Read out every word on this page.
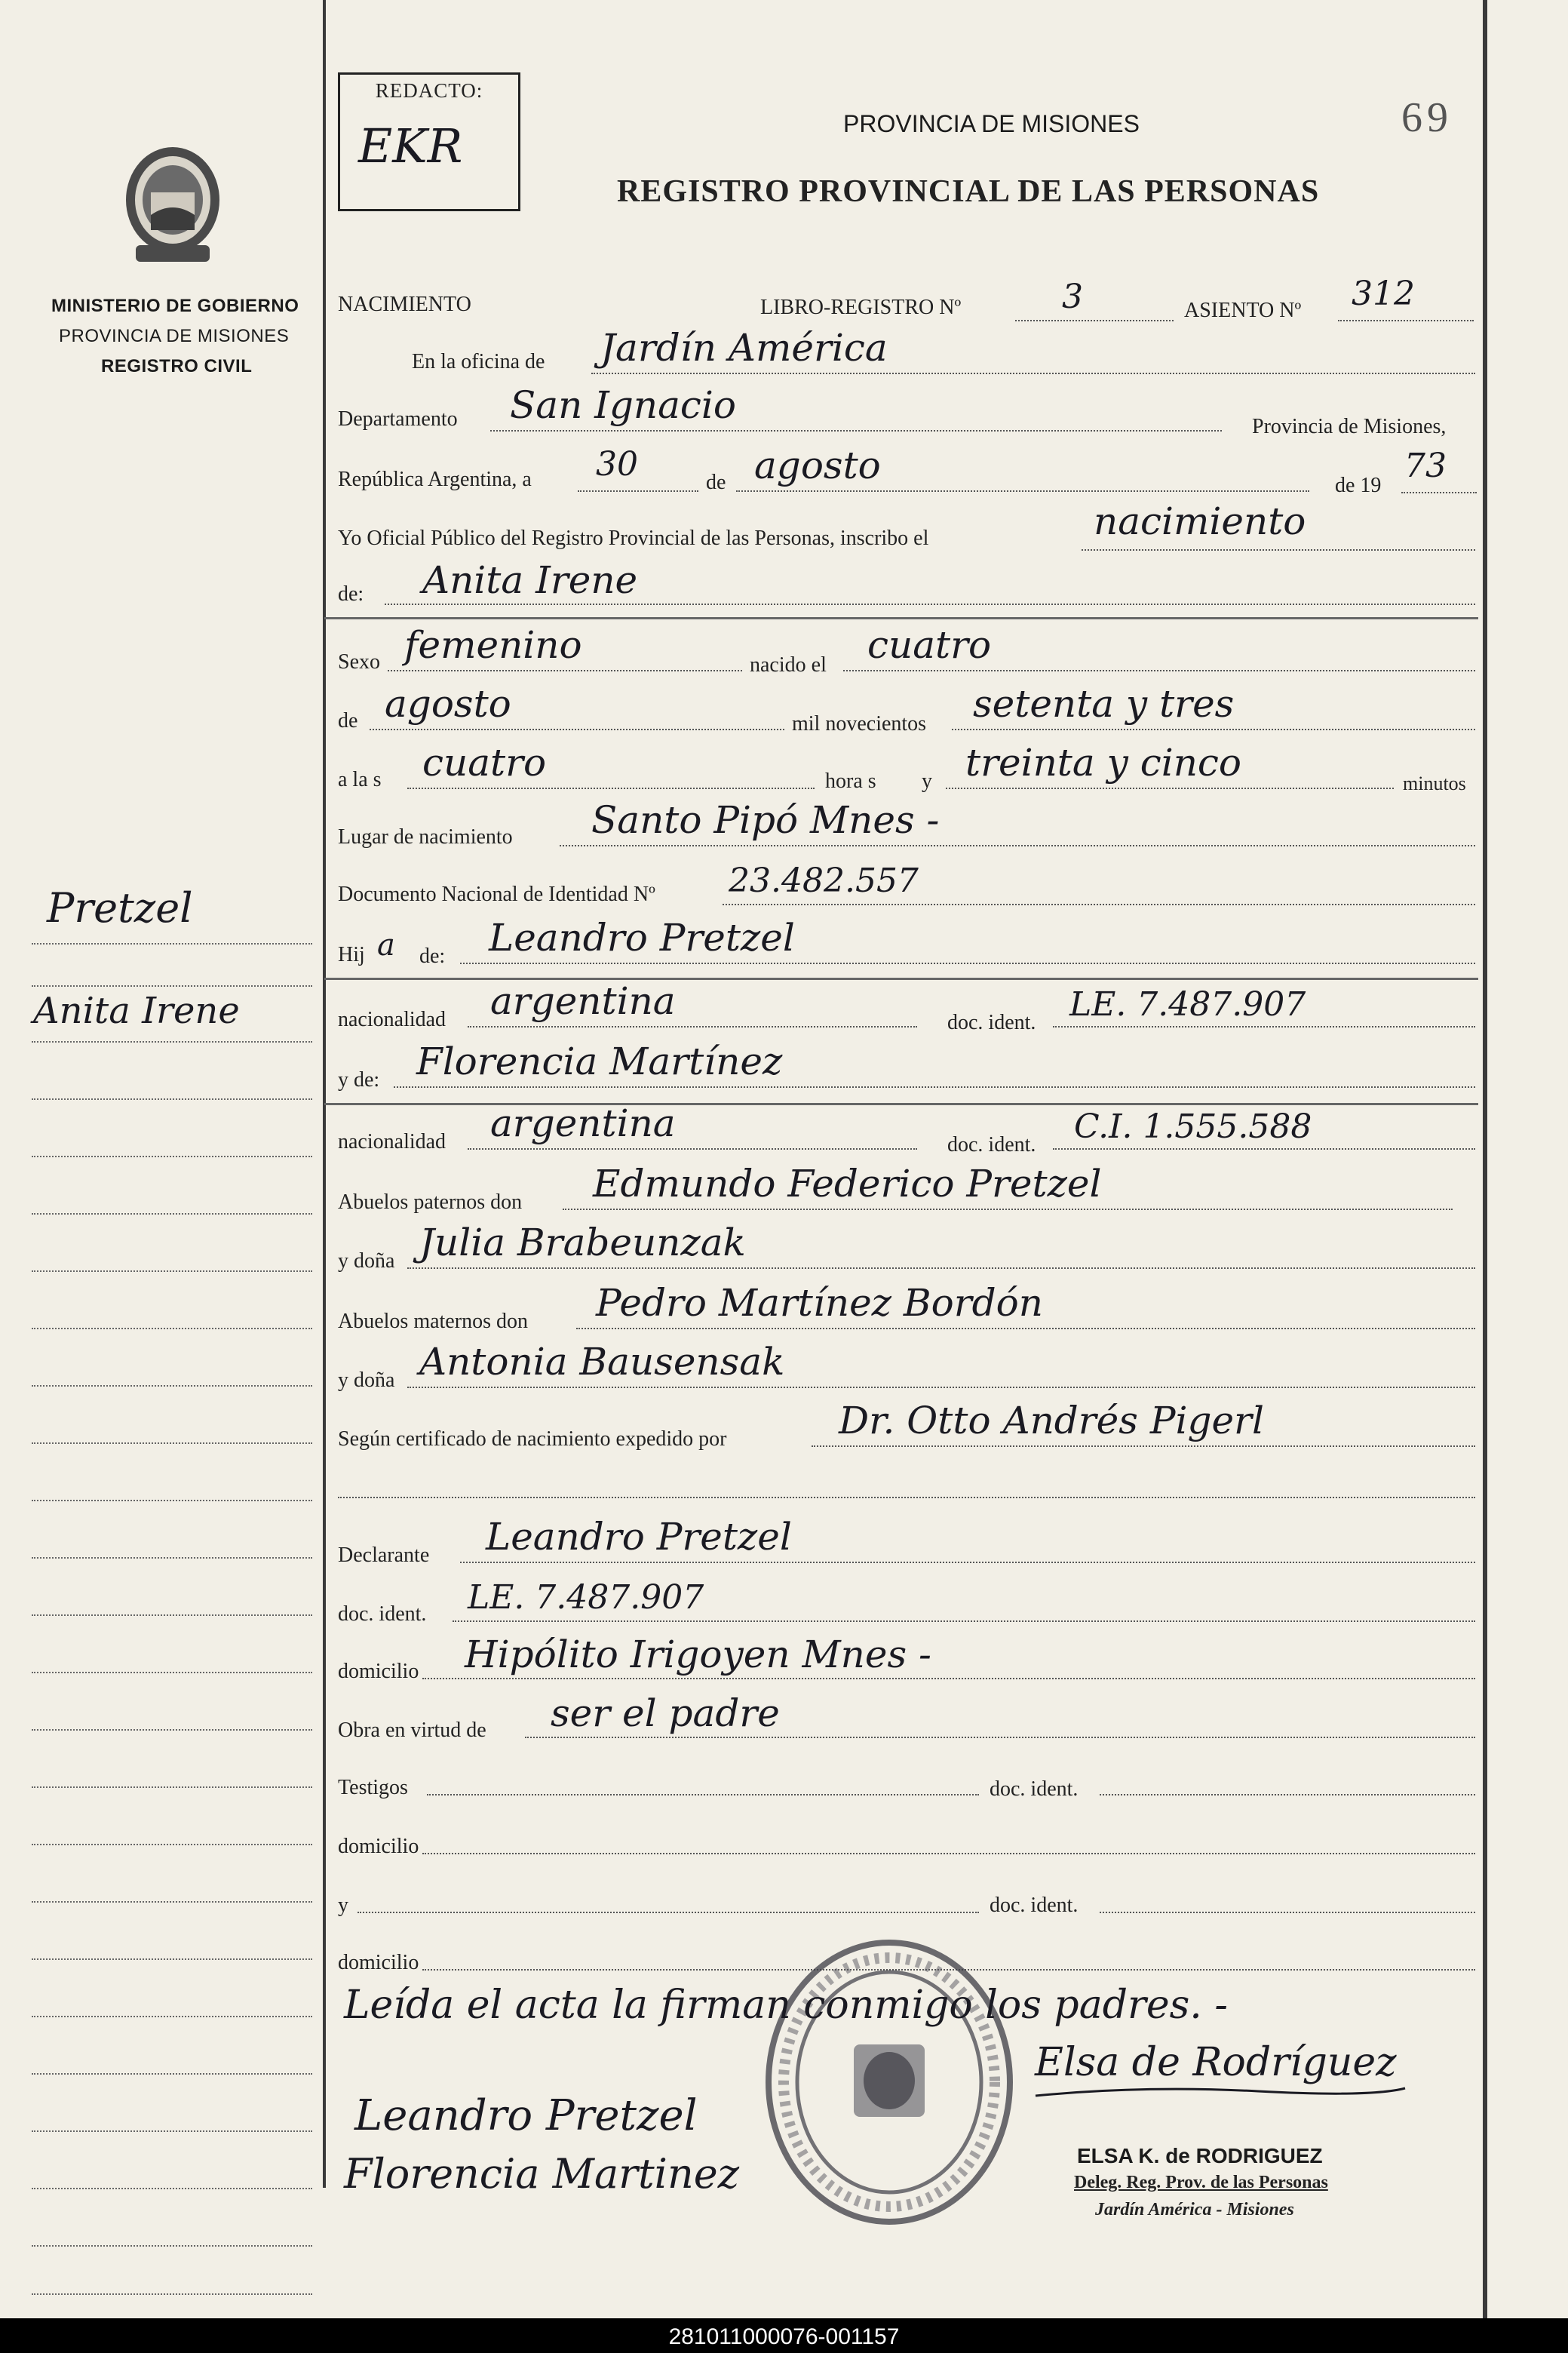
MINISTERIO DE GOBIERNO
PROVINCIA DE MISIONES
REGISTRO CIVIL
Pretzel
Anita Irene
REDACTO:
EKR	PROVINCIA DE MISIONES
REGISTRO PROVINCIAL DE LAS PERSONAS
69
NACIMIENTO	LIBRO-REGISTRO Nº	3	ASIENTO Nº 312
En la oficina de Jardín América
Departamento San Ignacio	Provincia de Misiones,
República Argentina, a 30	de agosto	de 19
73
Yo Oficial Público del Registro Provincial de las Personas, inscribo el	nacimiento
de: Anita Irene
Sexo femenino	nacido el cuatro
de agosto	mil novecientos setenta y tres
a la s cuatro	hora s y treinta y cinco	minutos
Lugar de nacimiento Santo Pipó Mnes -
Documento Nacional de Identidad Nº 23.482.557
Hij a de: Leandro Pretzel
nacionalidad argentina	doc. ident. LE. 7.487.907
y de: Florencia Martínez
nacionalidad argentina	doc. ident. C.I. 1.555.588
Abuelos paternos don Edmundo Federico Pretzel
y doña Julia Brabeunzak
Abuelos maternos don Pedro Martínez Bordón
y doña Antonia Bausensak
Según certificado de nacimiento expedido por	Dr. Otto Andrés Pigerl
Declarante Leandro Pretzel
doc. ident. LE. 7.487.907
domicilio Hipólito Irigoyen Mnes -
Obra en virtud de ser el padre
Testigos	doc. ident.
domicilio
y	doc. ident.
domicilio
Leída el acta la firman conmigo los padres. -
Leandro Pretzel
Florencia Martinez
Elsa de Rodríguez
ELSA K. de RODRIGUEZ
Deleg. Reg. Prov. de las Personas
Jardín América - Misiones
281011000076-001157
